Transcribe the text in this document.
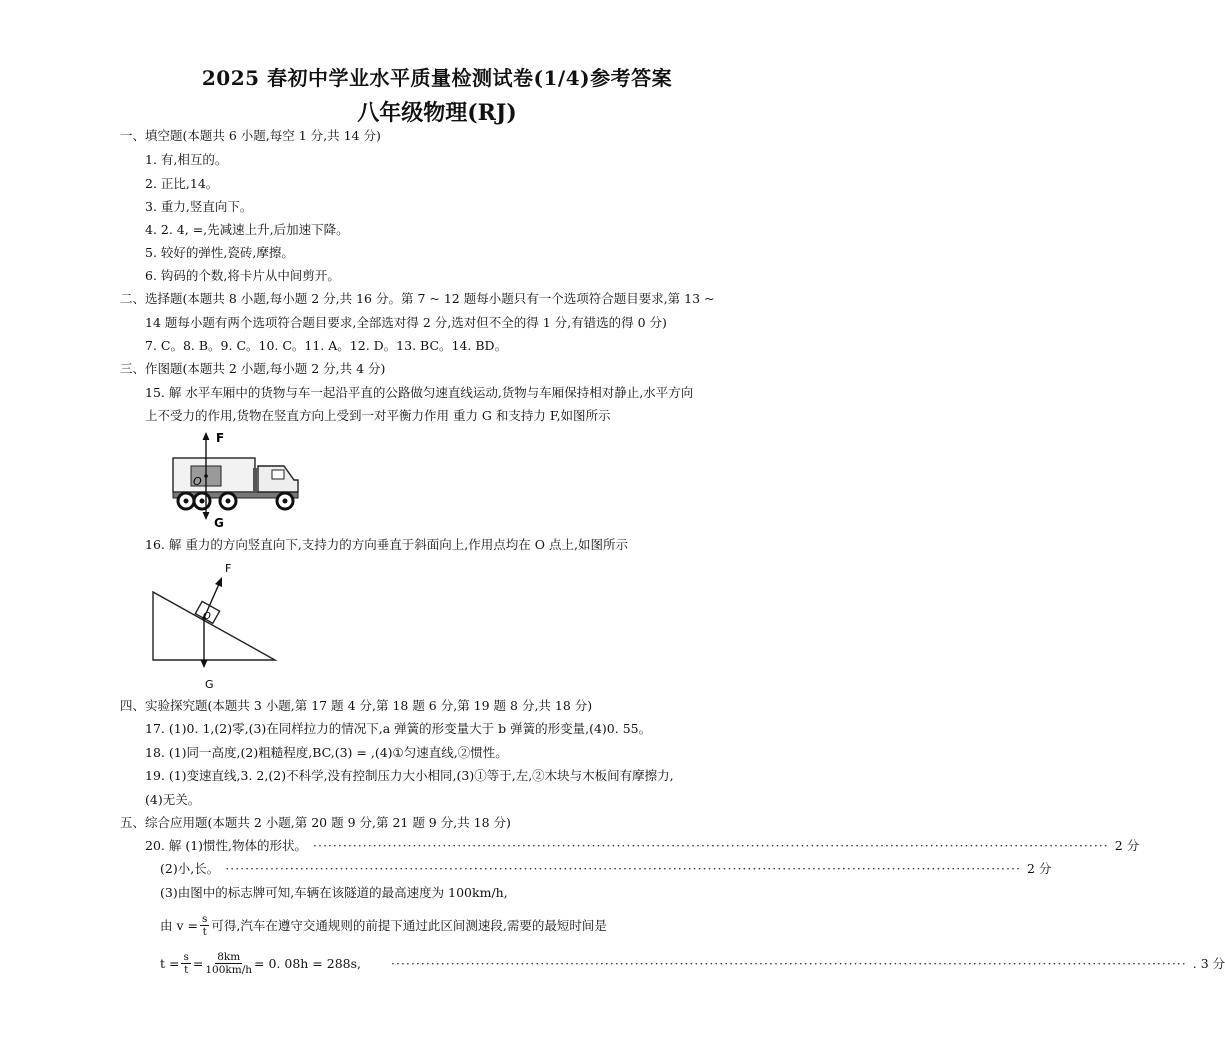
2025 春初中学业水平质量检测试卷(1/4)参考答案
八年级物理(RJ)
一、填空题(本题共 6 小题,每空 1 分,共 14 分)
1. 有,相互的。
2. 正比,14。
3. 重力,竖直向下。
4. 2. 4, =,先减速上升,后加速下降。
5. 较好的弹性,瓷砖,摩擦。
6. 钩码的个数,将卡片从中间剪开。
二、选择题(本题共 8 小题,每小题 2 分,共 16 分。第 7 ~ 12 题每小题只有一个选项符合题目要求,第 13 ~
14 题每小题有两个选项符合题目要求,全部选对得 2 分,选对但不全的得 1 分,有错选的得 0 分)
7. C。8. B。9. C。10. C。11. A。12. D。13. BC。14. BD。
三、作图题(本题共 2 小题,每小题 2 分,共 4 分)
15. 解 水平车厢中的货物与车一起沿平直的公路做匀速直线运动,货物与车厢保持相对静止,水平方向
上不受力的作用,货物在竖直方向上受到一对平衡力作用 重力 G 和支持力 F,如图所示
F
O
G
16. 解 重力的方向竖直向下,支持力的方向垂直于斜面向上,作用点均在 O 点上,如图所示
F
O
G
四、实验探究题(本题共 3 小题,第 17 题 4 分,第 18 题 6 分,第 19 题 8 分,共 18 分)
17. (1)0. 1,(2)零,(3)在同样拉力的情况下,a 弹簧的形变量大于 b 弹簧的形变量,(4)0. 55。
18. (1)同一高度,(2)粗糙程度,BC,(3) = ,(4)①匀速直线,②惯性。
19. (1)变速直线,3. 2,(2)不科学,没有控制压力大小相同,(3)①等于,左,②木块与木板间有摩擦力,
(4)无关。
五、综合应用题(本题共 2 小题,第 20 题 9 分,第 21 题 9 分,共 18 分)
20. 解 (1)惯性,物体的形状。 ································································································································································ 2 分
(2)小,长。 ································································································································································ 2 分
(3)由图中的标志牌可知,车辆在该隧道的最高速度为 100km/h,
由 $v = \frac{s}{t}$ 可得,汽车在遵守交通规则的前提下通过此区间测速段,需要的最短时间是
$t = \frac{s}{t} = \frac{8km}{100km/h} = 0$. 08h = 288s, ································································································································································ . 3 分
